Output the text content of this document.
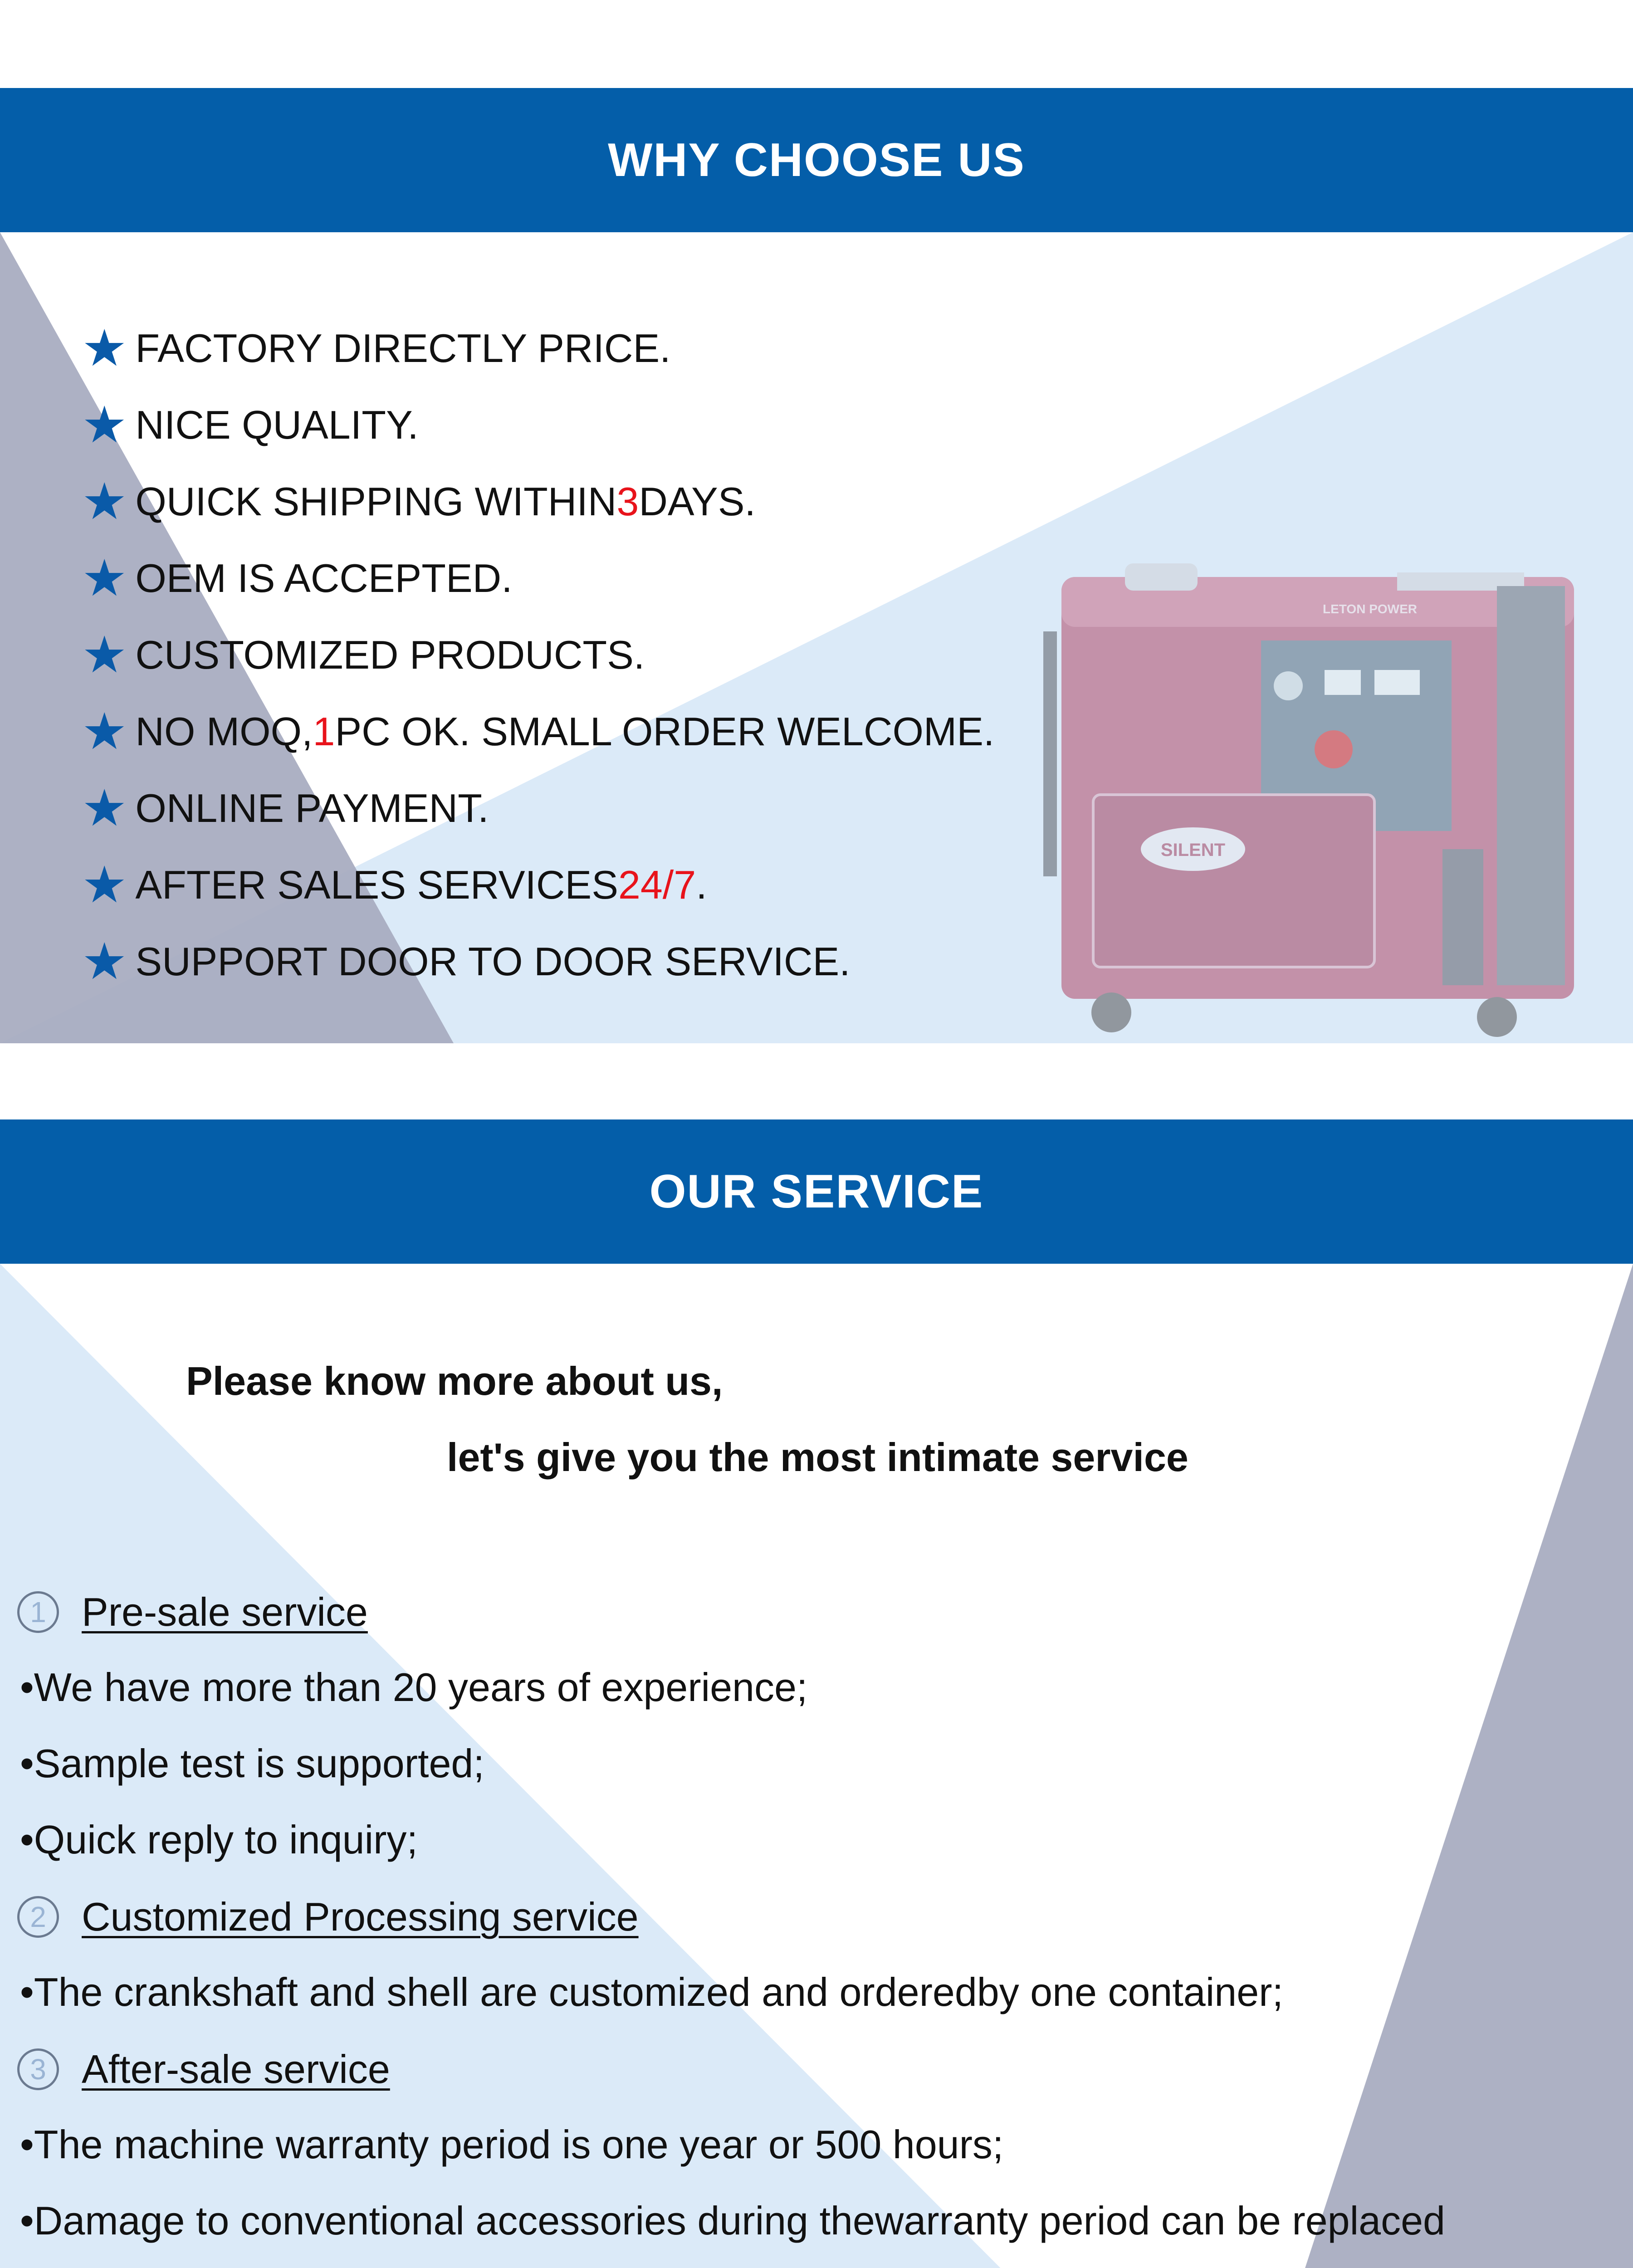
WHY CHOOSE US
SILENT
LETON POWER
★ FACTORY DIRECTLY PRICE.
★ NICE QUALITY.
★ QUICK SHIPPING WITHIN 3 DAYS.
★ OEM IS ACCEPTED.
★ CUSTOMIZED PRODUCTS.
★ NO MOQ, 1 PC OK. SMALL ORDER WELCOME.
★ ONLINE PAYMENT.
★ AFTER SALES SERVICES 24/7 .
★ SUPPORT DOOR TO DOOR SERVICE.
OUR SERVICE
Please know more about us,
let's give you the most intimate service
1 Pre-sale service
•We have more than 20 years of experience;
•Sample test is supported;
•Quick reply to inquiry;
2 Customized Processing service
•The crankshaft and shell are customized and orderedby one container;
3 After-sale service
•The machine warranty period is one year or 500 hours;
•Damage to conventional accessories during thewarranty period can be replaced
